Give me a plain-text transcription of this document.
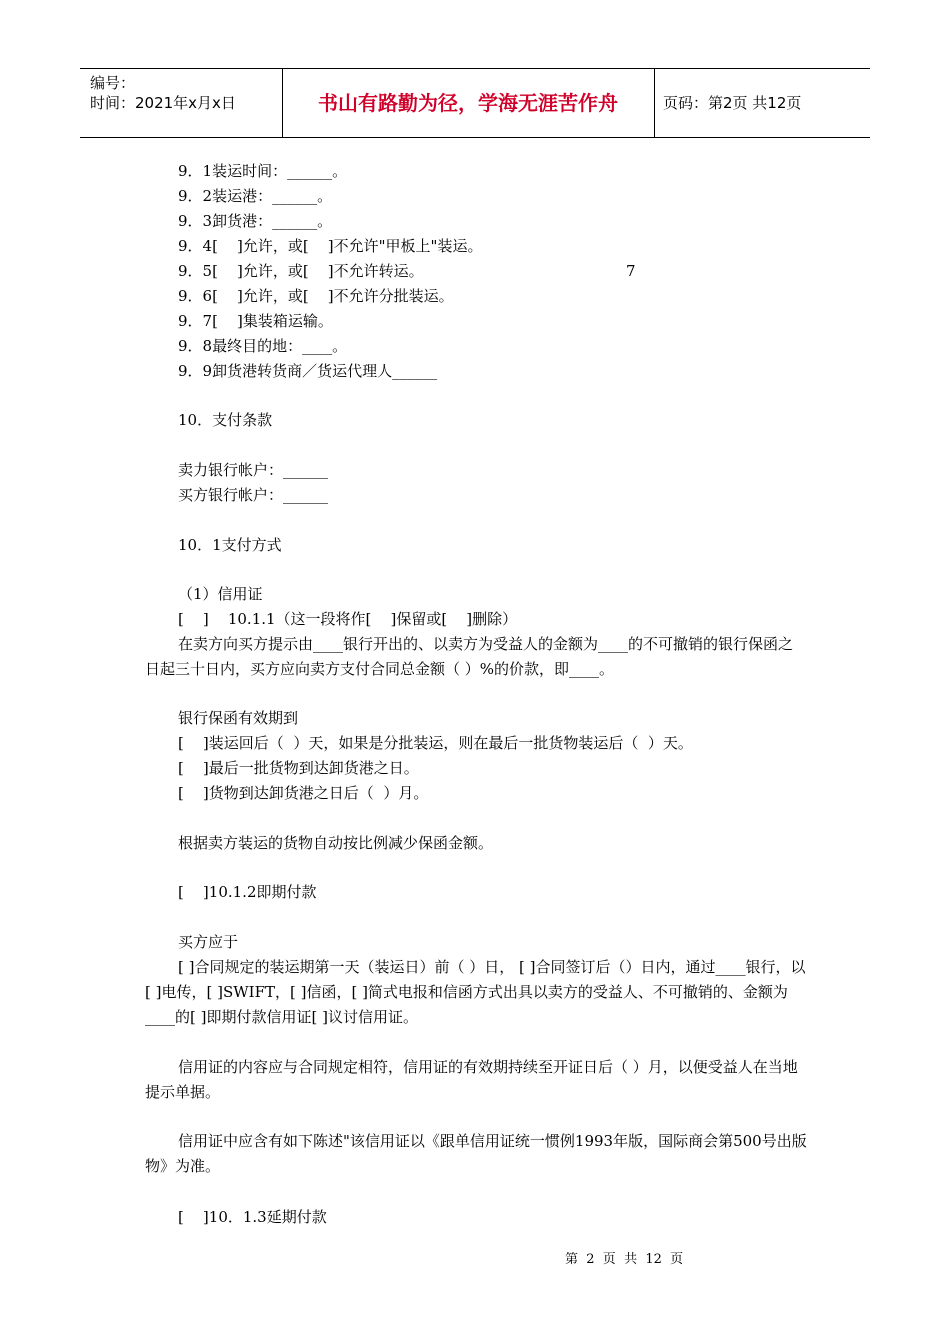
编号：
时间：2021年x月x日	书山有路勤为径，学海无涯苦作舟	页码：第2页 共12页
9．1装运时间：______。
9．2装运港：______。
9．3卸货港：______。
9．4[    ]允许，或[    ]不允许"甲板上"装运。
9．5[    ]允许，或[    ]不允许转运。	7
9．6[    ]允许，或[    ]不允许分批装运。
9．7[    ]集装箱运输。
9．8最终目的地：____。
9．9卸货港转货商／货运代理人______
10．支付条款
卖力银行帐户：______
买方银行帐户：______
10．1支付方式
（1）信用证
[    ]    10.1.1（这一段将作[    ]保留或[    ]删除）
在卖方向买方提示由____银行开出的、以卖方为受益人的金额为____的不可撤销的银行保函之日起三十日内，买方应向卖方支付合同总金额（ ）%的价款，即____。
银行保函有效期到
[    ]装运回后（  ）天，如果是分批装运，则在最后一批货物装运后（  ）天。
[    ]最后一批货物到达卸货港之日。
[    ]货物到达卸货港之日后（  ）月。
根据卖方装运的货物自动按比例减少保函金额。
[    ]10.1.2即期付款
买方应于
[ ]合同规定的装运期第一天（装运日）前（ ）日， [ ]合同签订后（）日内，通过____银行，以[ ]电传，[ ]SWIFT，[ ]信函，[ ]简式电报和信函方式出具以卖方的受益人、不可撤销的、金额为____的[ ]即期付款信用证[ ]议讨信用证。
信用证的内容应与合同规定相符，信用证的有效期持续至开证日后（ ）月，以便受益人在当地提示单据。
信用证中应含有如下陈述"该信用证以《跟单信用证统一惯例1993年版，国际商会第500号出版物》为准。
[    ]10．1.3延期付款
第  2  页  共  12  页
